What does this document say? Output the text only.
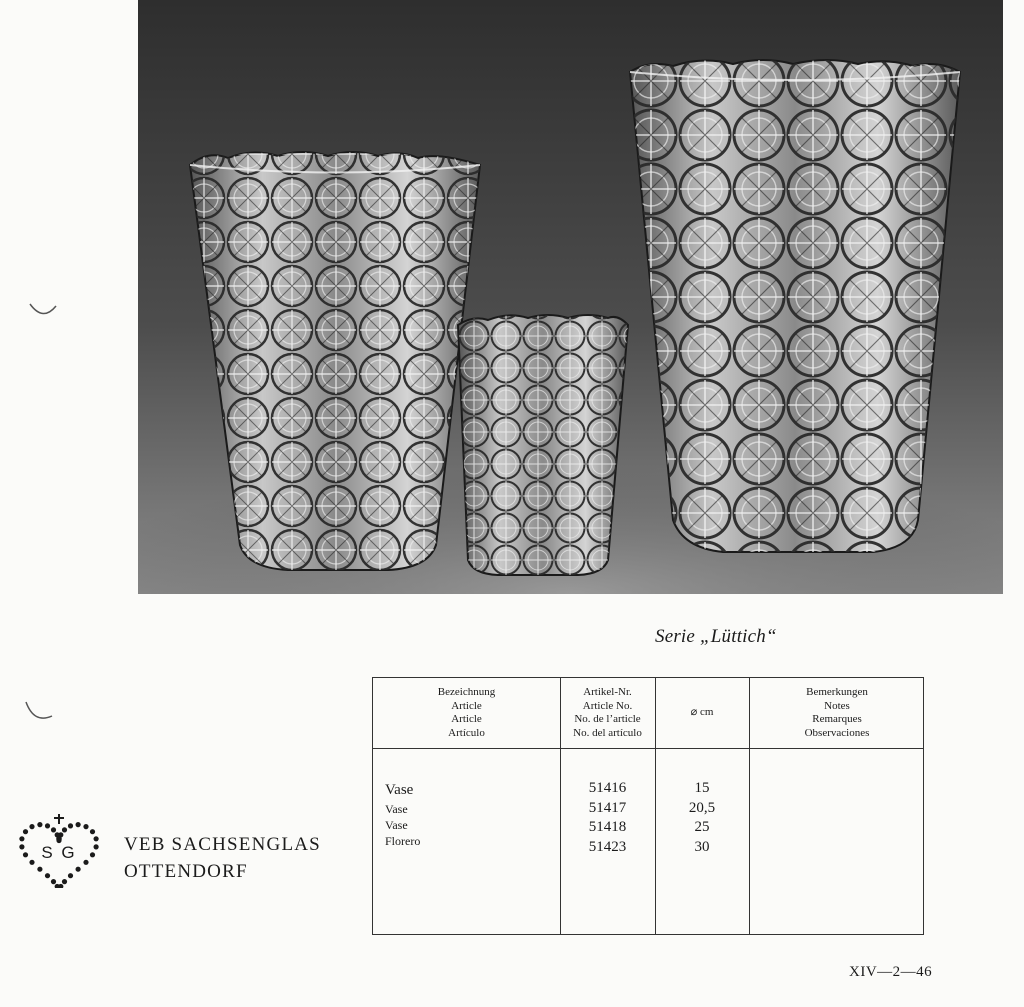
Serie „Lüttich“
S G VEB SACHSENGLAS
OTTENDORF
Bezeichnung
Article
Article
Artículo
Artikel-Nr.
Article No.
No. de l’article
No. del artículo
⌀ cm
Bemerkungen
Notes
Remarques
Observaciones
Vase
Vase
Vase
Florero
51416
51417
51418
51423
15
20,5
25
30
XIV—2—46
